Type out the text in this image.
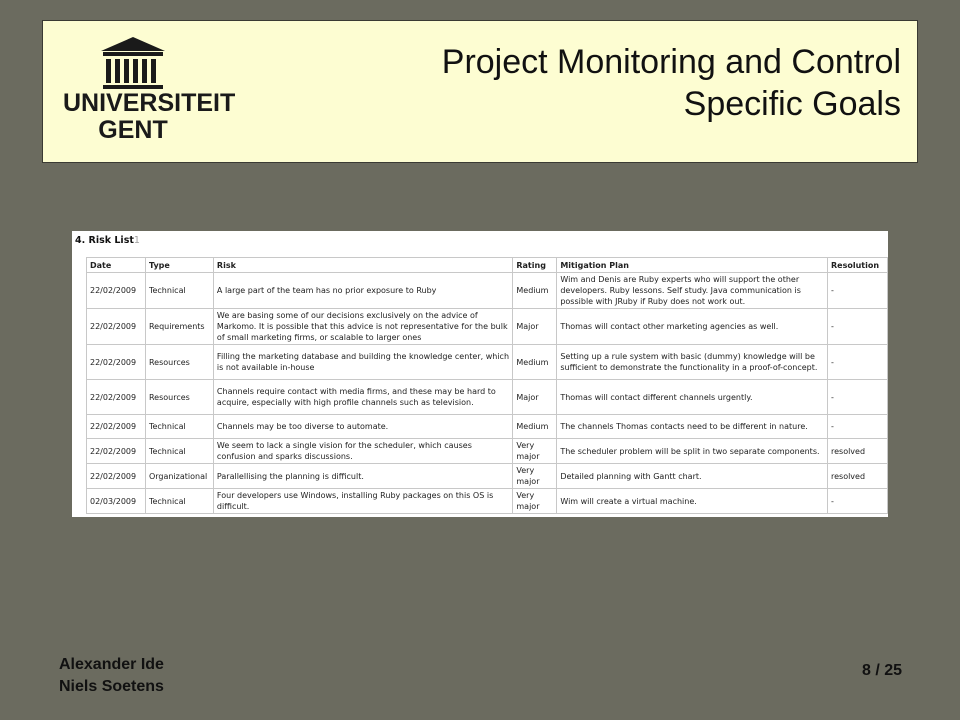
UNIVERSITEIT
GENT
Project Monitoring and Control
Specific Goals
4. Risk List1
Date	Type	Risk	Rating	Mitigation Plan	Resolution
22/02/2009	Technical	A large part of the team has no prior exposure to Ruby	Medium	Wim and Denis are Ruby experts who will support the other developers. Ruby lessons. Self study. Java communication is possible with JRuby if Ruby does not work out.	-
22/02/2009	Requirements	We are basing some of our decisions exclusively on the advice of Markomo. It is possible that this advice is not representative for the bulk of small marketing firms, or scalable to larger ones	Major	Thomas will contact other marketing agencies as well.	-
22/02/2009	Resources	Filling the marketing database and building the knowledge center, which is not available in-house	Medium	Setting up a rule system with basic (dummy) knowledge will be sufficient to demonstrate the functionality in a proof-of-concept.	-
22/02/2009	Resources	Channels require contact with media firms, and these may be hard to acquire, especially with high profile channels such as television.	Major	Thomas will contact different channels urgently.	-
22/02/2009	Technical	Channels may be too diverse to automate.	Medium	The channels Thomas contacts need to be different in nature.	-
22/02/2009	Technical	We seem to lack a single vision for the scheduler, which causes confusion and sparks discussions.	Very major	The scheduler problem will be split in two separate components.	resolved
22/02/2009	Organizational	Parallellising the planning is difficult.	Very major	Detailed planning with Gantt chart.	resolved
02/03/2009	Technical	Four developers use Windows, installing Ruby packages on this OS is difficult.	Very major	Wim will create a virtual machine.	-
Alexander Ide
Niels Soetens
8 / 25
